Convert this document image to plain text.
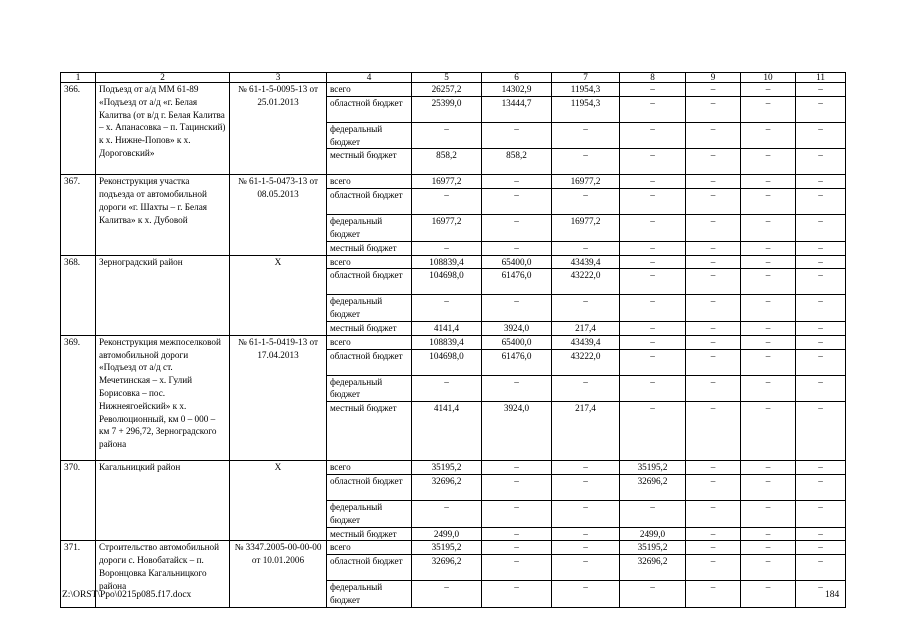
1	2	3	4	5	6	7	8	9	10	11
366.	Подъезд от а/д ММ 61-89 «Подъезд от а/д «г. Белая Калитва (от в/д г. Белая Калитва – х. Апанасовка – п. Тацинский) к х. Нижне-Попов» к х. Дороговский»	№ 61-1-5-0095-13 от 25.01.2013	всего	26257,2	14302,9	11954,3	–	–	–	–
			областной бюджет	25399,0	13444,7	11954,3	–	–	–	–
			федеральный бюджет	–	–	–	–	–	–	–
			местный бюджет	858,2	858,2	–	–	–	–	–
367.	Реконструкция участка подъезда от автомобильной дороги «г. Шахты – г. Белая Калитва» к х. Дубовой	№ 61-1-5-0473-13 от 08.05.2013	всего	16977,2	–	16977,2	–	–	–	–
			областной бюджет	–	–	–	–	–	–	–
			федеральный бюджет	16977,2	–	16977,2	–	–	–	–
			местный бюджет	–	–	–	–	–	–	–
368.	Зерноградский район	Х	всего	108839,4	65400,0	43439,4	–	–	–	–
			областной бюджет	104698,0	61476,0	43222,0	–	–	–	–
			федеральный бюджет	–	–	–	–	–	–	–
			местный бюджет	4141,4	3924,0	217,4	–	–	–	–
369.	Реконструкция межпоселковой автомобильной дороги «Подъезд от а/д ст. Мечетинская – х. Гулий Борисовка – пос. Нижнеягоейский» к х. Революционный, км 0 – 000 – км 7 + 296,72, Зерноградского района	№ 61-1-5-0419-13 от 17.04.2013	всего	108839,4	65400,0	43439,4	–	–	–	–
			областной бюджет	104698,0	61476,0	43222,0	–	–	–	–
			федеральный бюджет	–	–	–	–	–	–	–
			местный бюджет	4141,4	3924,0	217,4	–	–	–	–
370.	Кагальницкий район	Х	всего	35195,2	–	–	35195,2	–	–	–
			областной бюджет	32696,2	–	–	32696,2	–	–	–
			федеральный бюджет	–	–	–	–	–	–	–
			местный бюджет	2499,0	–	–	2499,0	–	–	–
371.	Строительство автомобильной дороги с. Новобатайск – п. Воронцовка Кагальницкого района	№ 3347.2005-00-00-00 от 10.01.2006	всего	35195,2	–	–	35195,2	–	–	–
			областной бюджет	32696,2	–	–	32696,2	–	–	–
			федеральный бюджет	–	–	–	–	–	–	–
Z:\ORST\Ppo\0215p085.f17.docx	184
